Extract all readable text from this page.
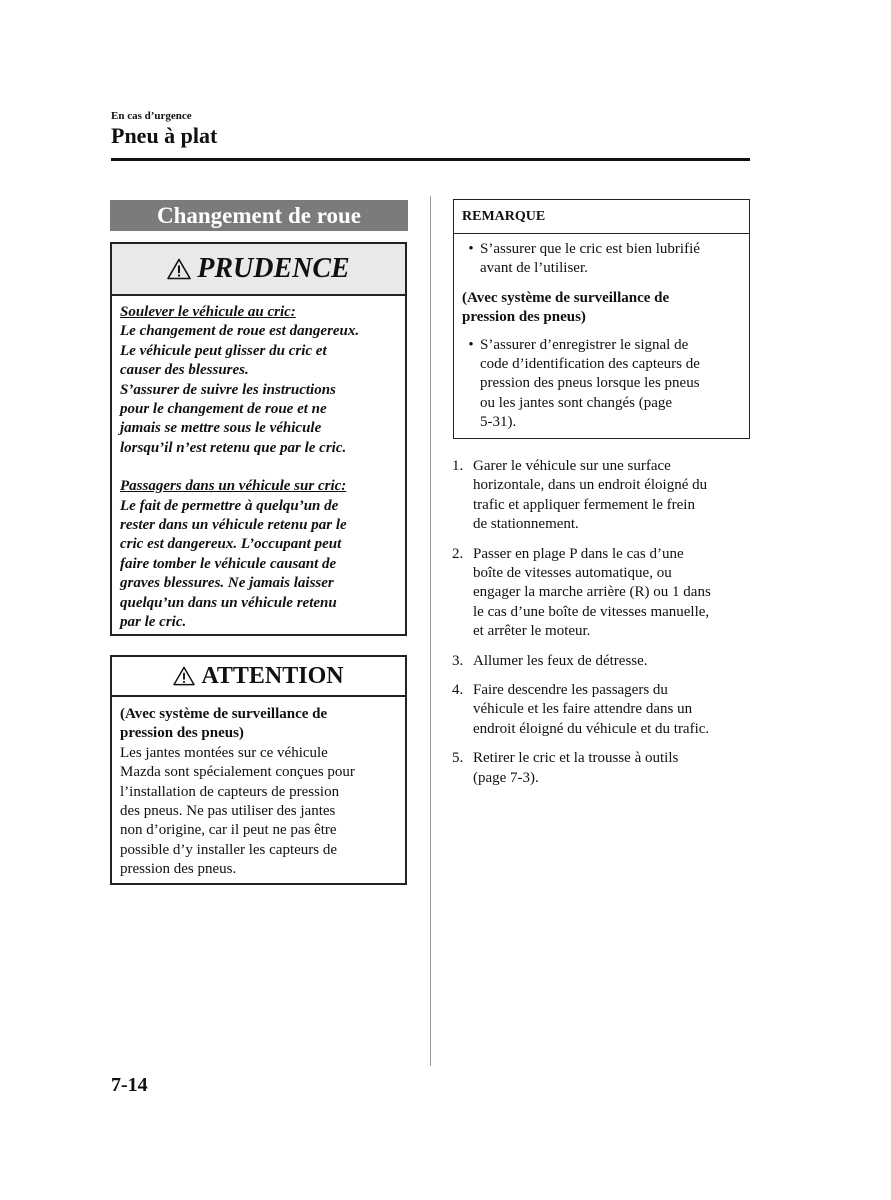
En cas d’urgence
Pneu à plat
Changement de roue
PRUDENCE
Soulever le véhicule au cric:
Le changement de roue est dangereux.
Le véhicule peut glisser du cric et
causer des blessures.
S’assurer de suivre les instructions
pour le changement de roue et ne
jamais se mettre sous le véhicule
lorsqu’il n’est retenu que par le cric.
Passagers dans un véhicule sur cric:
Le fait de permettre à quelqu’un de
rester dans un véhicule retenu par le
cric est dangereux. L’occupant peut
faire tomber le véhicule causant de
graves blessures. Ne jamais laisser
quelqu’un dans un véhicule retenu
par le cric.
ATTENTION
(Avec système de surveillance de
pression des pneus)
Les jantes montées sur ce véhicule
Mazda sont spécialement conçues pour
l’installation de capteurs de pression
des pneus. Ne pas utiliser des jantes
non d’origine, car il peut ne pas être
possible d’y installer les capteurs de
pression des pneus.
REMARQUE
• S’assurer que le cric est bien lubrifié
avant de l’utiliser.
(Avec système de surveillance de
pression des pneus)
• S’assurer d’enregistrer le signal de
code d’identification des capteurs de
pression des pneus lorsque les pneus
ou les jantes sont changés (page
5-31).
1. Garer le véhicule sur une surface
horizontale, dans un endroit éloigné du
trafic et appliquer fermement le frein
de stationnement.
2. Passer en plage P dans le cas d’une
boîte de vitesses automatique, ou
engager la marche arrière (R) ou 1 dans
le cas d’une boîte de vitesses manuelle,
et arrêter le moteur.
3. Allumer les feux de détresse.
4. Faire descendre les passagers du
véhicule et les faire attendre dans un
endroit éloigné du véhicule et du trafic.
5. Retirer le cric et la trousse à outils
(page 7-3).
7-14
